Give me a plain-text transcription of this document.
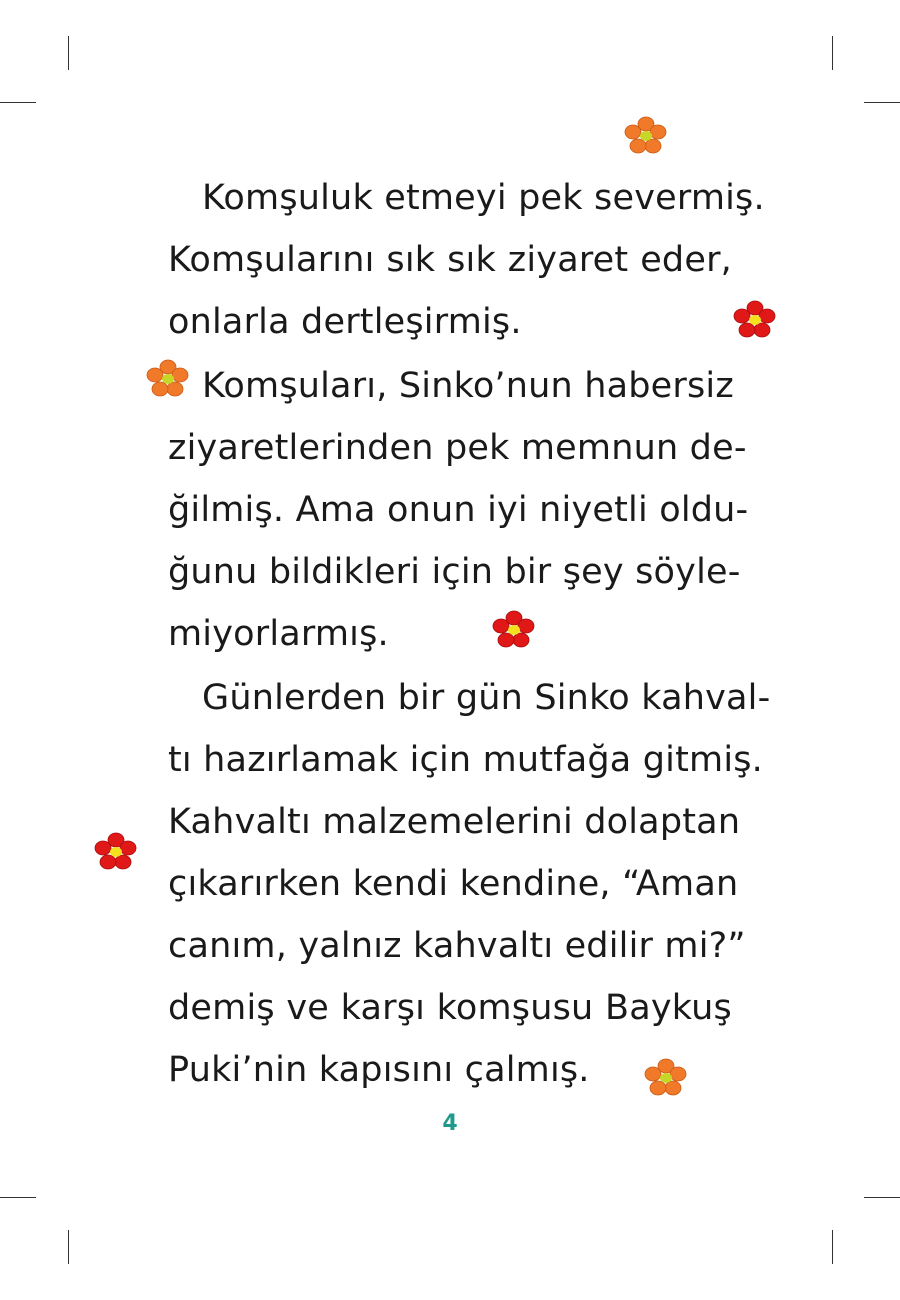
Komşuluk etmeyi pek severmiş.
Komşularını sık sık ziyaret eder,
onlarla dertleşirmiş.
Komşuları, Sinko’nun habersiz
ziyaretlerinden pek memnun de-
ğilmiş. Ama onun iyi niyetli oldu-
ğunu bildikleri için bir şey söyle-
miyorlarmış.
Günlerden bir gün Sinko kahval-
tı hazırlamak için mutfağa gitmiş.
Kahvaltı malzemelerini dolaptan
çıkarırken kendi kendine, “Aman
canım, yalnız kahvaltı edilir mi?”
demiş ve karşı komşusu Baykuş
Puki’nin kapısını çalmış.
4
